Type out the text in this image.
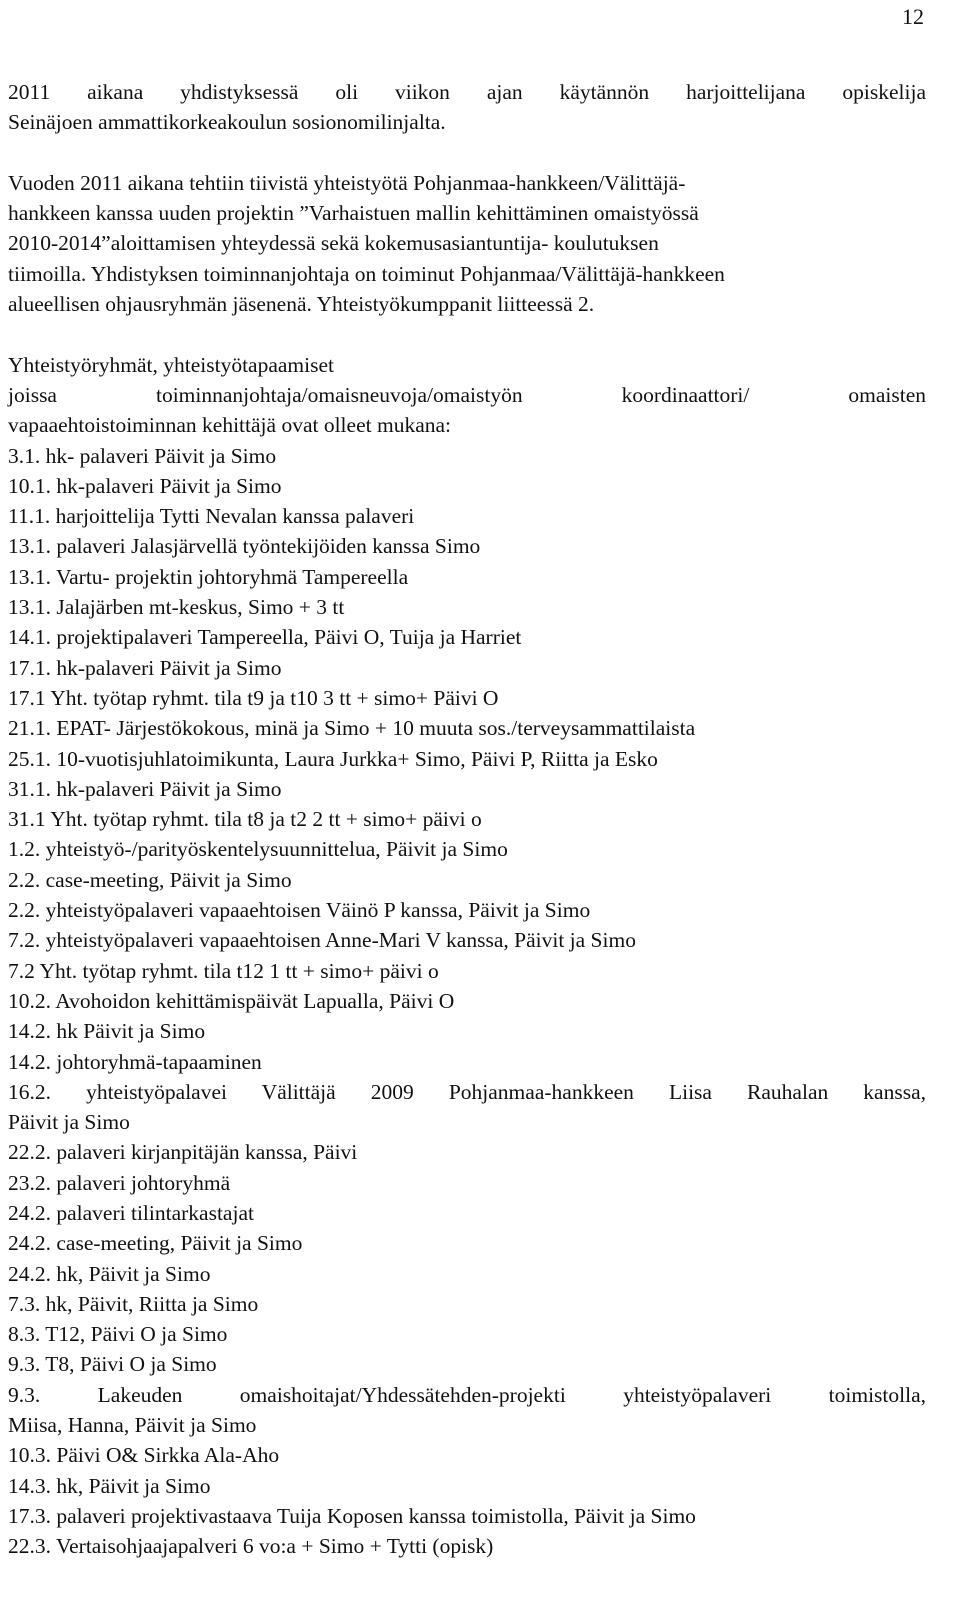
12
2011 aikana yhdistyksessä oli viikon ajan käytännön harjoittelijana opiskelija
Seinäjoen ammattikorkeakoulun sosionomilinjalta.
Vuoden 2011 aikana tehtiin tiivistä yhteistyötä Pohjanmaa-hankkeen/Välittäjä-
hankkeen kanssa uuden projektin ”Varhaistuen mallin kehittäminen omaistyössä
2010-2014”aloittamisen yhteydessä sekä kokemusasiantuntija- koulutuksen
tiimoilla. Yhdistyksen toiminnanjohtaja on toiminut Pohjanmaa/Välittäjä-hankkeen
alueellisen ohjausryhmän jäsenenä. Yhteistyökumppanit liitteessä 2.
Yhteistyöryhmät, yhteistyötapaamiset
joissa toiminnanjohtaja/omaisneuvoja/omaistyön koordinaattori/ omaisten
vapaaehtoistoiminnan kehittäjä ovat olleet mukana:
3.1. hk- palaveri Päivit ja Simo
10.1. hk-palaveri Päivit ja Simo
11.1. harjoittelija Tytti Nevalan kanssa palaveri
13.1. palaveri Jalasjärvellä työntekijöiden kanssa Simo
13.1. Vartu- projektin johtoryhmä Tampereella
13.1. Jalajärben mt-keskus, Simo + 3 tt
14.1. projektipalaveri Tampereella, Päivi O, Tuija ja Harriet
17.1. hk-palaveri Päivit ja Simo
17.1 Yht. työtap ryhmt. tila t9 ja t10 3 tt + simo+ Päivi O
21.1. EPAT- Järjestökokous, minä ja Simo + 10 muuta sos./terveysammattilaista
25.1. 10-vuotisjuhlatoimikunta, Laura Jurkka+ Simo, Päivi P, Riitta ja Esko
31.1. hk-palaveri Päivit ja Simo
31.1 Yht. työtap ryhmt. tila t8 ja t2 2 tt + simo+ päivi o
1.2. yhteistyö-/parityöskentelysuunnittelua, Päivit ja Simo
2.2. case-meeting, Päivit ja Simo
2.2. yhteistyöpalaveri vapaaehtoisen Väinö P kanssa, Päivit ja Simo
7.2. yhteistyöpalaveri vapaaehtoisen Anne-Mari V kanssa, Päivit ja Simo
7.2 Yht. työtap ryhmt. tila t12 1 tt + simo+ päivi o
10.2. Avohoidon kehittämispäivät Lapualla, Päivi O
14.2. hk Päivit ja Simo
14.2. johtoryhmä-tapaaminen
16.2. yhteistyöpalavei Välittäjä 2009 Pohjanmaa-hankkeen Liisa Rauhalan kanssa,
Päivit ja Simo
22.2. palaveri kirjanpitäjän kanssa, Päivi
23.2. palaveri johtoryhmä
24.2. palaveri tilintarkastajat
24.2. case-meeting, Päivit ja Simo
24.2. hk, Päivit ja Simo
7.3. hk, Päivit, Riitta ja Simo
8.3. T12, Päivi O ja Simo
9.3. T8, Päivi O ja Simo
9.3. Lakeuden omaishoitajat/Yhdessätehden-projekti yhteistyöpalaveri toimistolla,
Miisa, Hanna, Päivit ja Simo
10.3. Päivi O& Sirkka Ala-Aho
14.3. hk, Päivit ja Simo
17.3. palaveri projektivastaava Tuija Koposen kanssa toimistolla, Päivit ja Simo
22.3. Vertaisohjaajapalveri 6 vo:a + Simo + Tytti (opisk)
